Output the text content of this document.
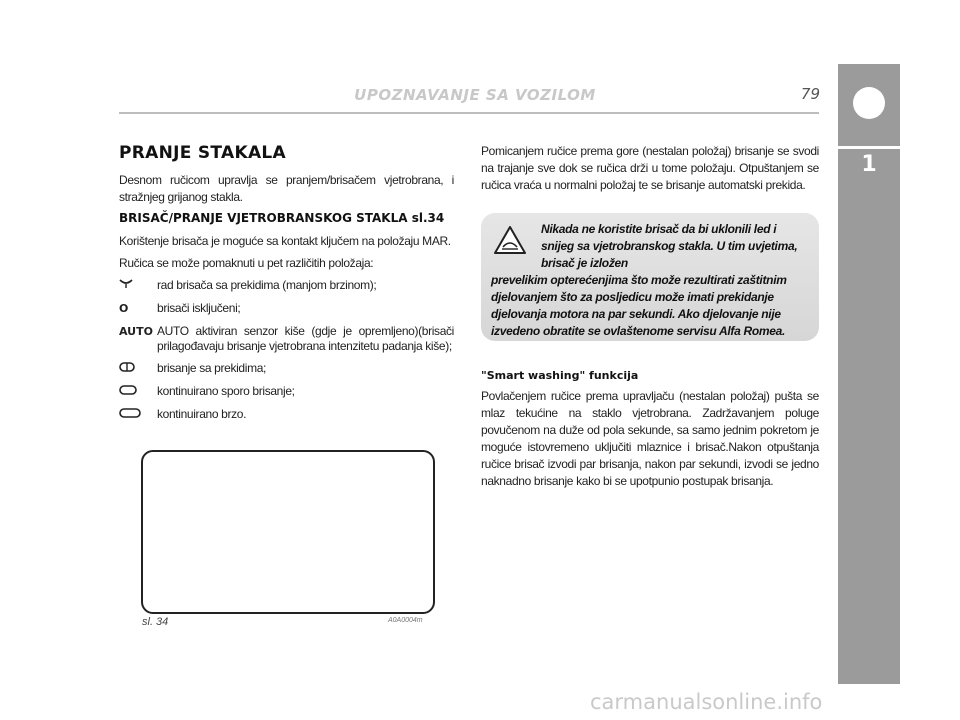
UPOZNAVANJE SA VOZILOM	79
1
PRANJE STAKALA

Desnom ručicom upravlja se pranjem/brisačem vjetrobrana, i stražnjeg grijanog stakla.

BRISAČ/PRANJE VJETROBRANSKOG STAKLA sl.34

Korištenje brisača je moguće sa kontakt ključem na položaju MAR.

Ručica se može pomaknuti u pet različitih položaja:

rad brisača sa prekidima (manjom brzinom);
O	brisači isključeni;
AUTO AUTO aktiviran senzor kiše (gdje je opremljeno)(brisači prilagođavaju brisanje vjetrobrana intenzitetu padanja kiše);
brisanje sa prekidima;
kontinuirano sporo brisanje;
kontinuirano brzo.
sl. 34	A0A0004m

Pomicanjem ručice prema gore (nestalan položaj) brisanje se svodi na trajanje sve dok se ručica drži u tome položaju. Otpuštanjem se ručica vraća u normalni položaj te se brisanje automatski prekida.

Nikada ne koristite brisač da bi uklonili led i snijeg sa vjetrobranskog stakla. U tim uvjetima, brisač je izložen
prevelikim opterećenjima što može rezultirati zaštitnim djelovanjem što za posljedicu može imati prekidanje djelovanja motora na par sekundi. Ako djelovanje nije izvedeno obratite se ovlaštenome servisu Alfa Romea.
"Smart washing" funkcija

Povlačenjem ručice prema upravljaču (nestalan položaj) pušta se mlaz tekućine na staklo vjetrobrana. Zadržavanjem poluge povučenom na duže od pola sekunde, sa samo jednim pokretom je moguće istovremeno uključiti mlaznice i brisač.Nakon otpuštanja ručice brisač izvodi par brisanja, nakon par sekundi, izvodi se jedno naknadno brisanje kako bi se upotpunio postupak brisanja.

carmanualsonline.info
